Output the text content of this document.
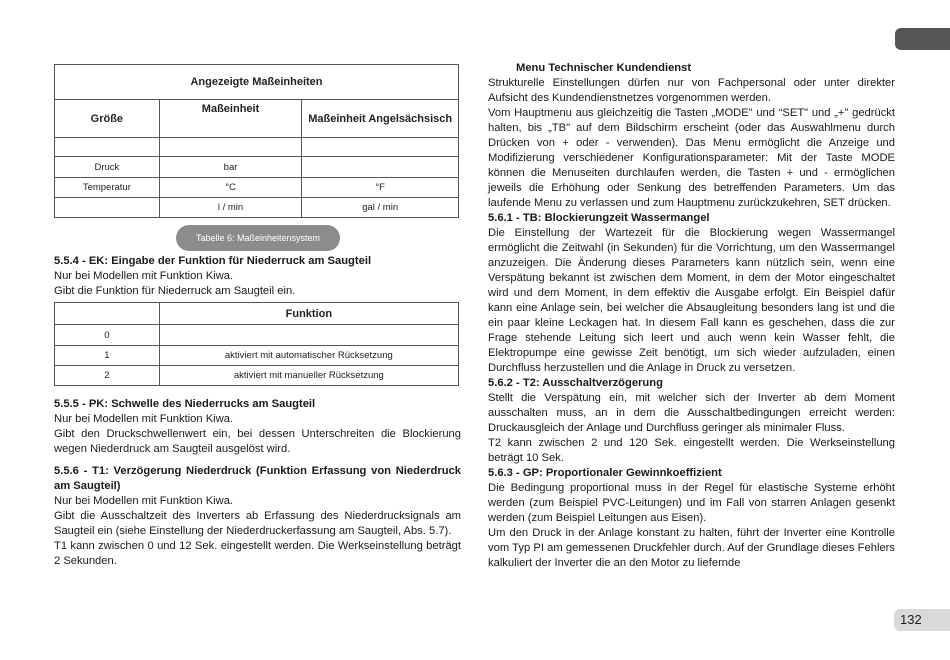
Angezeigte Maßeinheiten		
Größe	Maßeinheit	Maßeinheit Angelsächsisch

Druck	bar	
Temperatur	°C	°F
	l / min	gal / min
Tabelle 6: Maßeinheitensystem

5.5.4 - EK: Eingabe der Funktion für Niederruck am Saugteil

Nur bei Modellen mit Funktion Kiwa.

Gibt die Funktion für Niederruck am Saugteil ein.

5.5.5 - PK: Schwelle des Niederrucks am Saugteil

Nur bei Modellen mit Funktion Kiwa.

Gibt den Druckschwellenwert ein, bei dessen Unterschreiten die Blockierung wegen Niederdruck am Saugteil ausgelöst wird.

5.5.6 - T1: Verzögerung Niederdruck (Funktion Erfassung von Niederdruck am Saugteil)

Nur bei Modellen mit Funktion Kiwa.

Gibt die Ausschaltzeit des Inverters ab Erfassung des Niederdrucksignals am Saugteil ein (siehe Einstellung der Niederdruckerfassung am Saugteil, Abs. 5.7).

T1 kann zwischen 0 und 12 Sek. eingestellt werden. Die Werkseinstellung beträgt 2 Sekunden.

	Funktion
0	
1	aktiviert mit automatischer Rücksetzung
2	aktiviert mit manueller Rücksetzung

Menu Technischer Kundendienst

Strukturelle Einstellungen dürfen nur von Fachpersonal oder unter direkter Aufsicht des Kundendienstnetzes vorgenommen werden.

Vom Hauptmenu aus gleichzeitig die Tasten „MODE" und “SET" und „+" gedrückt halten, bis „TB" auf dem Bildschirm erscheint (oder das Auswahlmenu durch Drücken von + oder - verwenden). Das Menu ermöglicht die Anzeige und Modifizierung verschiedener Konfigurationsparameter: Mit der Taste MODE können die Menuseiten durchlaufen werden, die Tasten + und - ermöglichen jeweils die Erhöhung oder Senkung des betreffenden Parameters. Um das laufende Menu zu verlassen und zum Hauptmenu zurückzukehren, SET drücken.

5.6.1 - TB: Blockierungzeit Wassermangel

Die Einstellung der Wartezeit für die Blockierung wegen Wassermangel ermöglicht die Zeitwahl (in Sekunden) für die Vorrichtung, um den Wassermangel anzuzeigen. Die Änderung dieses Parameters kann nützlich sein, wenn eine Verspätung bekannt ist zwischen dem Moment, in dem der Motor eingeschaltet wird und dem Moment, in dem effektiv die Ausgabe erfolgt. Ein Beispiel dafür kann eine Anlage sein, bei welcher die Absaugleitung besonders lang ist und die ein paar kleine Leckagen hat. In diesem Fall kann es geschehen, dass die zur Frage stehende Leitung sich leert und auch wenn kein Wasser fehlt, die Elektropumpe eine gewisse Zeit benötigt, um sich wieder aufzuladen, einen Durchfluss herzustellen und die Anlage in Druck zu versetzen.

5.6.2 - T2: Ausschaltverzögerung

Stellt die Verspätung ein, mit welcher sich der Inverter ab dem Moment ausschalten muss, an in dem die Ausschaltbedingungen erreicht werden: Druckausgleich der Anlage und Durchfluss geringer als minimaler Fluss.

T2 kann zwischen 2 und 120 Sek. eingestellt werden. Die Werkseinstellung beträgt 10 Sek.

5.6.3 - GP: Proportionaler Gewinnkoeffizient

Die Bedingung proportional muss in der Regel für elastische Systeme erhöht werden (zum Beispiel PVC-Leitungen) und im Fall von starren Anlagen gesenkt werden (zum Beispiel Leitungen aus Eisen).

Um den Druck in der Anlage konstant zu halten, führt der Inverter eine Kontrolle vom Typ PI am gemessenen Druckfehler durch. Auf der Grundlage dieses Fehlers kalkuliert der Inverter die an den Motor zu liefernde

132
